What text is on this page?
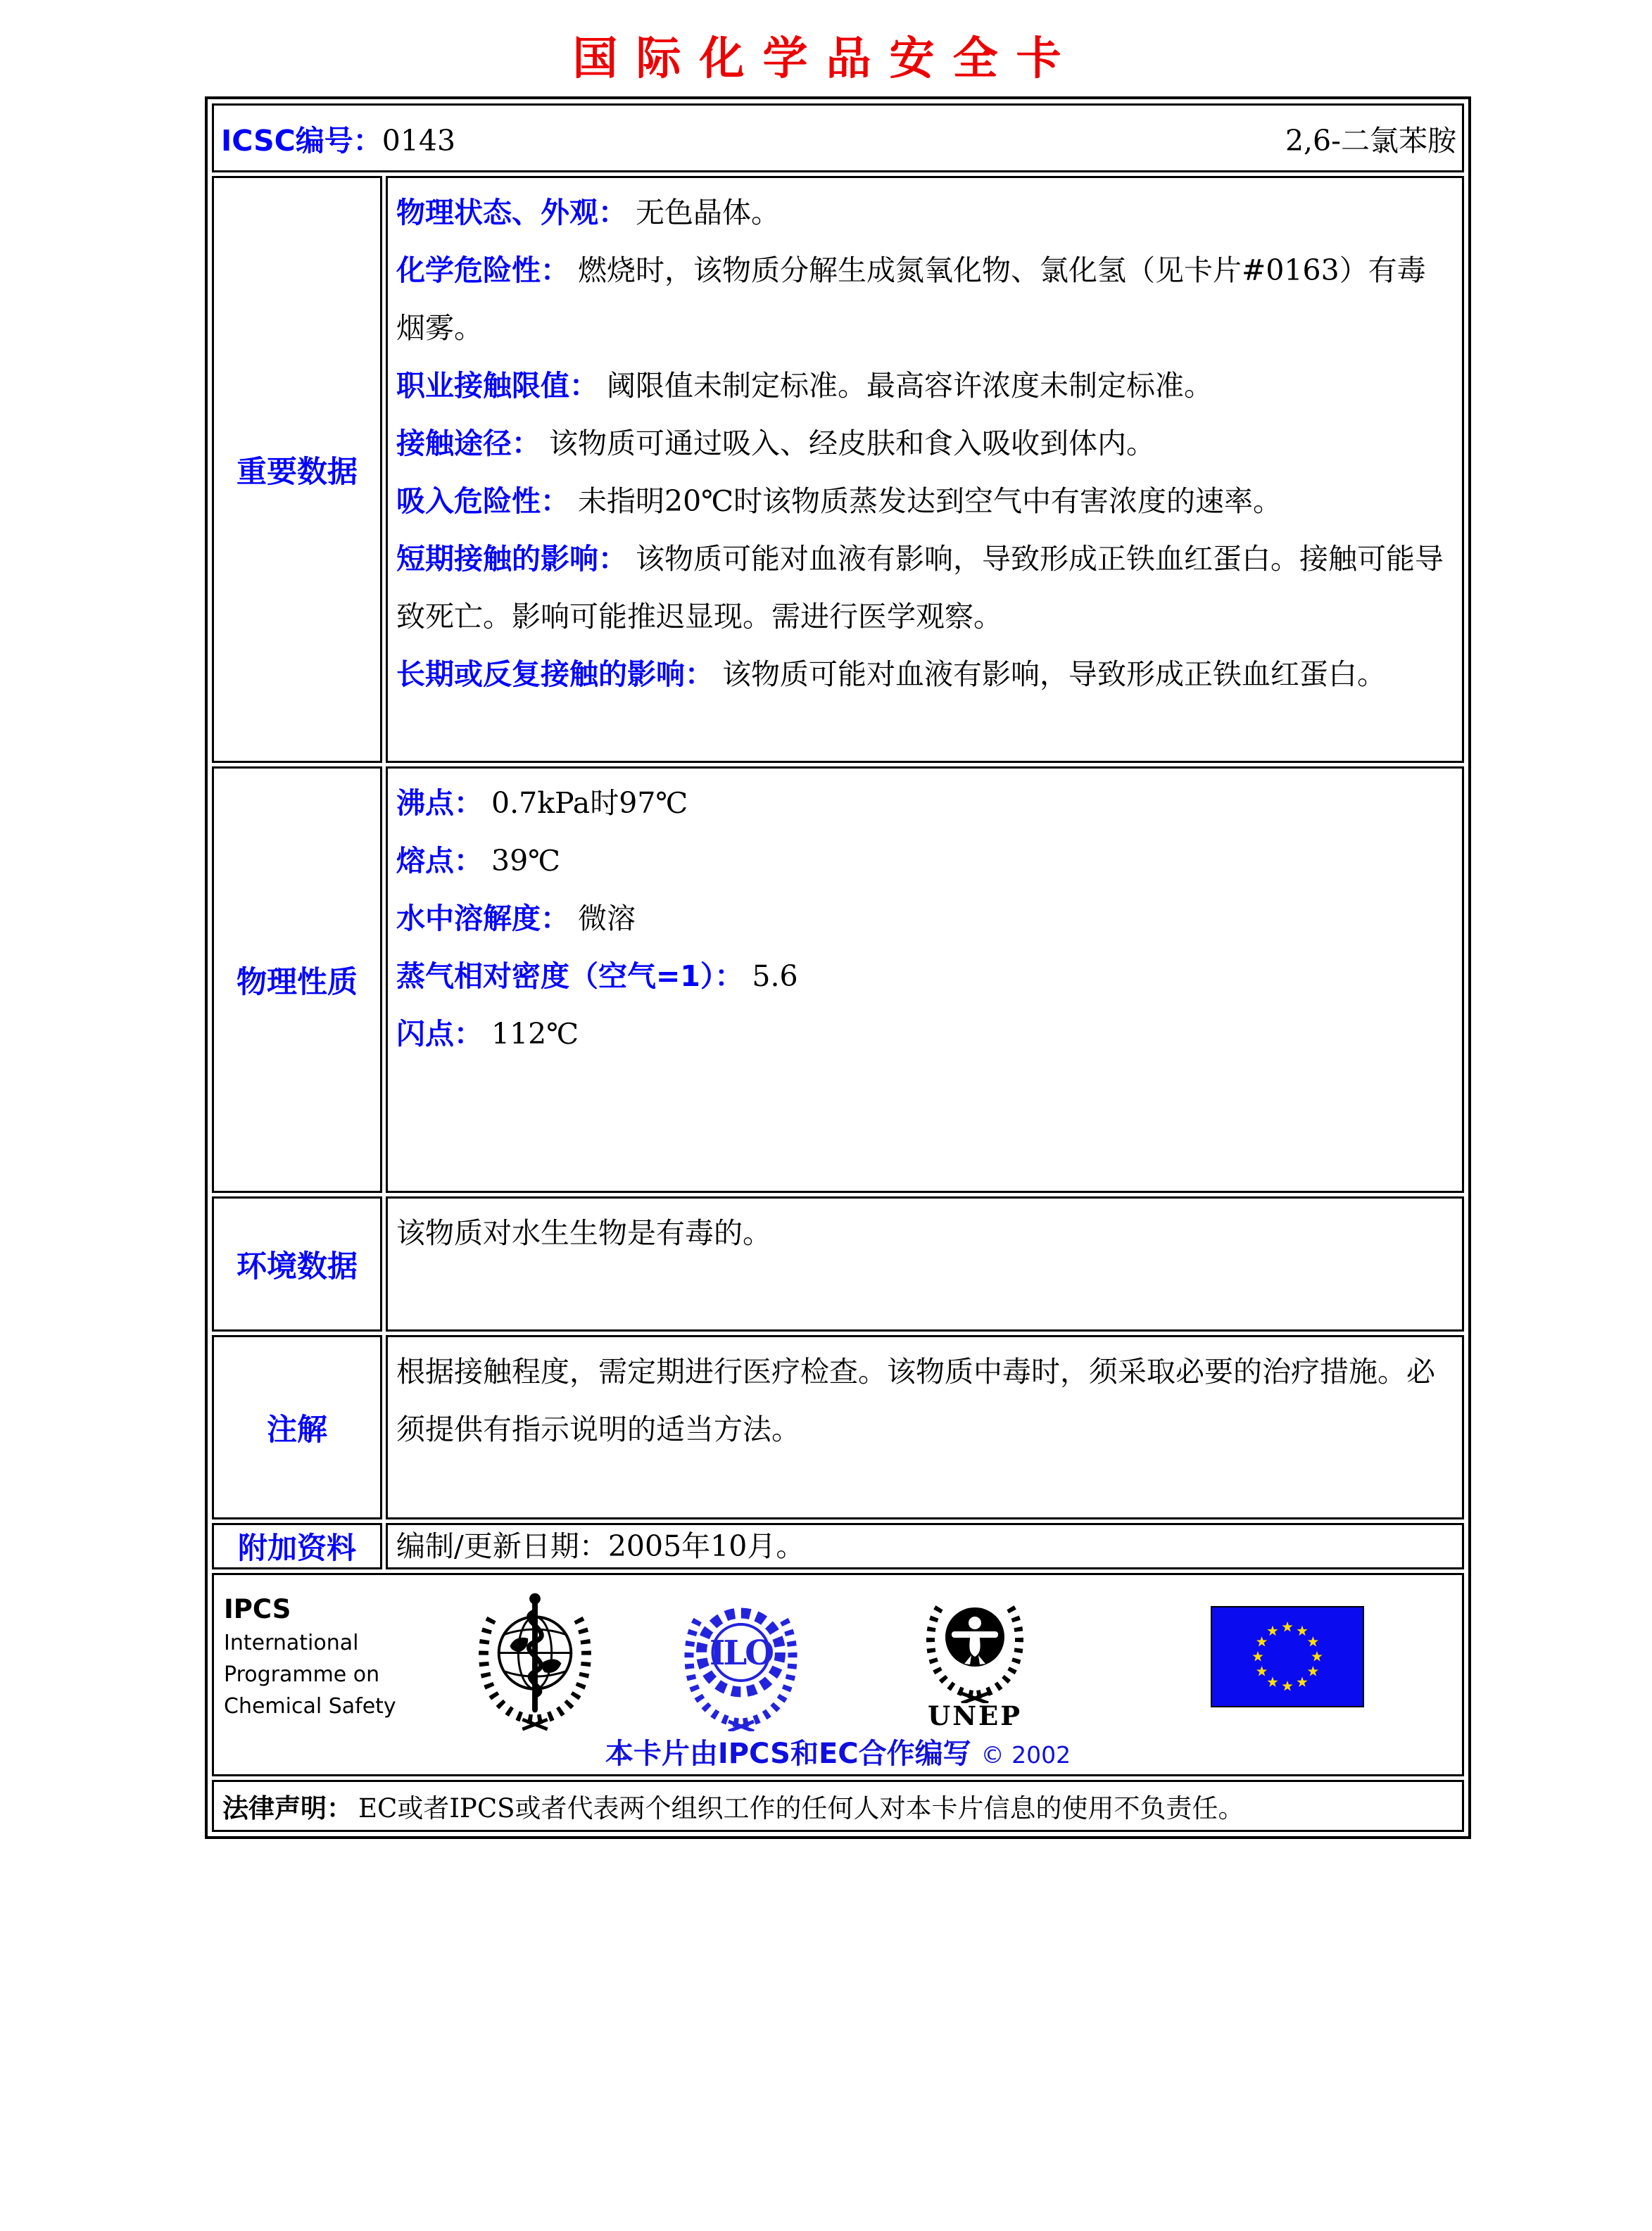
国际化学品安全卡
ICSC编号：0143	2,6-二氯苯胺
重要数据

物理状态、外观： 无色晶体。

化学危险性： 燃烧时，该物质分解生成氮氧化物、氯化氢（见卡片#0163）有毒烟雾。

职业接触限值： 阈限值未制定标准。最高容许浓度未制定标准。

接触途径： 该物质可通过吸入、经皮肤和食入吸收到体内。

吸入危险性： 未指明20℃时该物质蒸发达到空气中有害浓度的速率。

短期接触的影响： 该物质可能对血液有影响，导致形成正铁血红蛋白。接触可能导致死亡。影响可能推迟显现。需进行医学观察。

长期或反复接触的影响： 该物质可能对血液有影响，导致形成正铁血红蛋白。

物理性质

沸点： 0.7kPa时97℃

熔点： 39℃

水中溶解度： 微溶

蒸气相对密度（空气=1）： 5.6

闪点： 112℃

环境数据

该物质对水生生物是有毒的。

注解

根据接触程度，需定期进行医疗检查。该物质中毒时，须采取必要的治疗措施。必须提供有指示说明的适当方法。

附加资料	编制/更新日期：2005年10月。

IPCS
International
Programme on
Chemical Safety
ILO
UNEP
本卡片由IPCS和EC合作编写 © 2002
法律声明： EC或者IPCS或者代表两个组织工作的任何人对本卡片信息的使用不负责任。
